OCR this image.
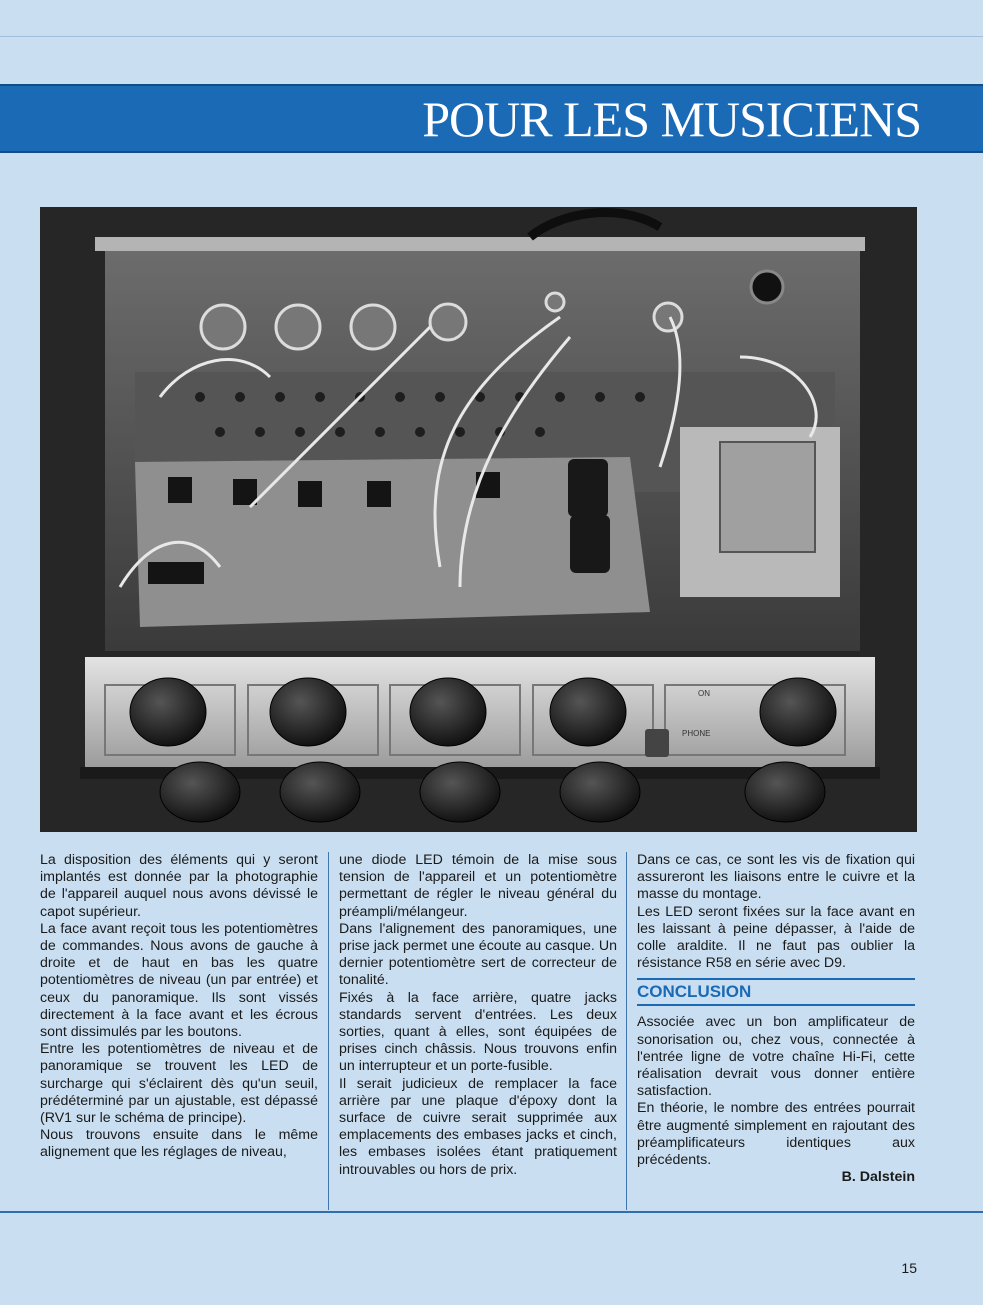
POUR LES MUSICIENS
ON
PHONE

La disposition des éléments qui y seront implantés est donnée par la photographie de l'appareil auquel nous avons dévissé le capot supérieur.

La face avant reçoit tous les potentiomètres de commandes. Nous avons de gauche à droite et de haut en bas les quatre potentiomètres de niveau (un par entrée) et ceux du panoramique. Ils sont vissés directement à la face avant et les écrous sont dissimulés par les boutons.

Entre les potentiomètres de niveau et de panoramique se trouvent les LED de surcharge qui s'éclairent dès qu'un seuil, prédéterminé par un ajustable, est dépassé (RV1 sur le schéma de principe).

Nous trouvons ensuite dans le même alignement que les réglages de niveau,

une diode LED témoin de la mise sous tension de l'appareil et un potentiomètre permettant de régler le niveau général du préampli/mélangeur.

Dans l'alignement des panoramiques, une prise jack permet une écoute au casque. Un dernier potentiomètre sert de correcteur de tonalité.

Fixés à la face arrière, quatre jacks standards servent d'entrées. Les deux sorties, quant à elles, sont équipées de prises cinch châssis. Nous trouvons enfin un interrupteur et un porte-fusible.

Il serait judicieux de remplacer la face arrière par une plaque d'époxy dont la surface de cuivre serait supprimée aux emplacements des embases jacks et cinch, les embases isolées étant pratiquement introuvables ou hors de prix.

Dans ce cas, ce sont les vis de fixation qui assureront les liaisons entre le cuivre et la masse du montage.

Les LED seront fixées sur la face avant en les laissant à peine dépasser, à l'aide de colle araldite. Il ne faut pas oublier la résistance R58 en série avec D9.

CONCLUSION

Associée avec un bon amplificateur de sonorisation ou, chez vous, connectée à l'entrée ligne de votre chaîne Hi-Fi, cette réalisation devrait vous donner entière satisfaction.

En théorie, le nombre des entrées pourrait être augmenté simplement en rajoutant des préamplificateurs identiques aux précédents.

B. Dalstein

15
